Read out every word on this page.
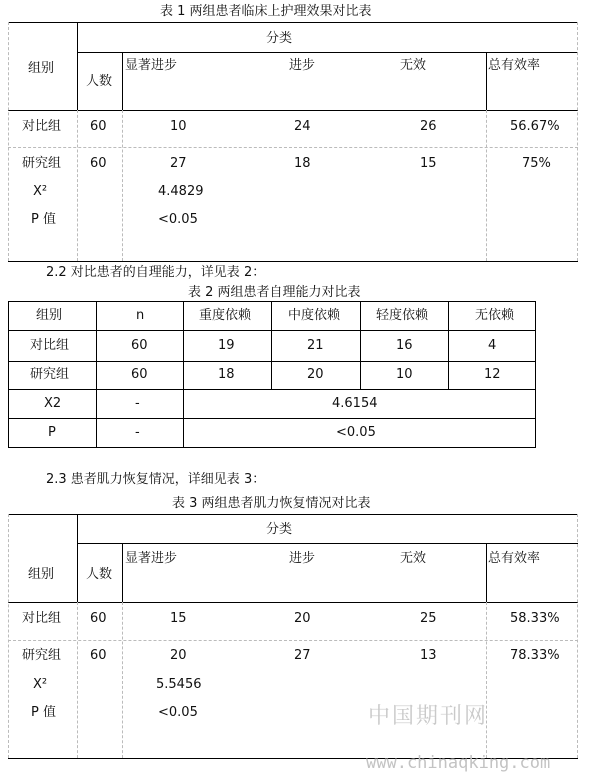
表 1 两组患者临床上护理效果对比表
分类
组别
人数
显著进步	进步	无效	总有效率
对比组 60	10	24	26	56.67%
研究组 60	27	18	15	75%
X²	4.4829
P 值	<0.05
2.2 对比患者的自理能力，详见表 2：
表 2 两组患者自理能力对比表
组别	n	重度依赖	中度依赖	轻度依赖	无依赖
对比组	60	19	21	16	4
研究组	60	18	20	10	12
X2	-	4.6154
P	-	<0.05
2.3 患者肌力恢复情况，详细见表 3：
表 3 两组患者肌力恢复情况对比表
分类
组别 人数
显著进步	进步	无效	总有效率
对比组 60	15	20	25	58.33%
研究组 60	20	27	13	78.33%
X²	5.5456
P 值	<0.05	中国期刊网
www.chinaqking.com
